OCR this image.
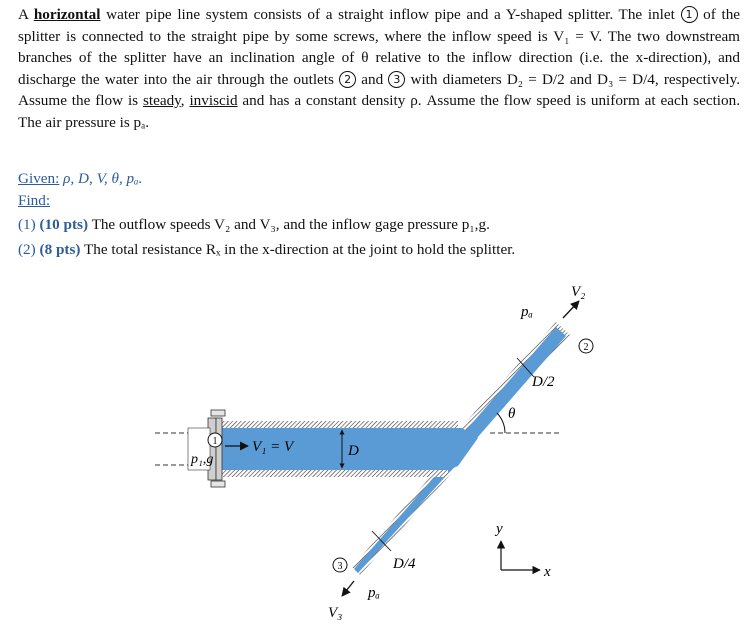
A horizontal water pipe line system consists of a straight inflow pipe and a Y-shaped splitter. The inlet 1 of the splitter is connected to the straight pipe by some screws, where the inflow speed is V₁ = V. The two downstream branches of the splitter have an inclination angle of θ relative to the inflow direction (i.e. the x-direction), and discharge the water into the air through the outlets 2 and 3 with diameters D₂ = D/2 and D₃ = D/4, respectively. Assume the flow is steady, inviscid and has a constant density ρ. Assume the flow speed is uniform at each section. The air pressure is pₐ.
Given: ρ, D, V, θ, pₐ.
Find:
(1) (10 pts) The outflow speeds V₂ and V₃, and the inflow gage pressure p₁,g.
(2) (8 pts) The total resistance Rₓ in the x-direction at the joint to hold the splitter.
pₐ
V₂
2
D/2
θ
1 V₁ = V	D
p₁,g
3	D/4
pₐ
V₃
y
x
